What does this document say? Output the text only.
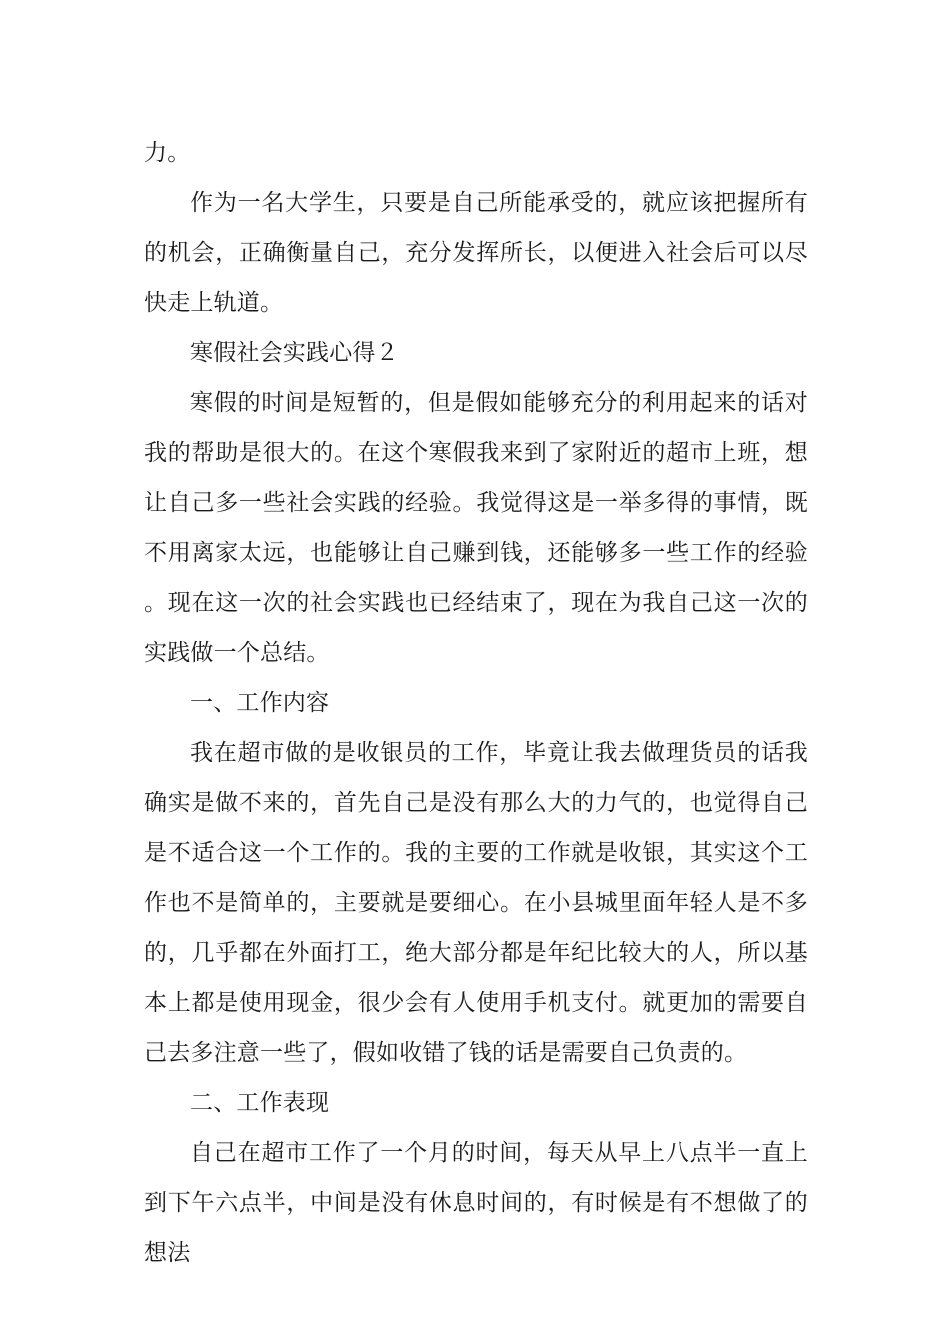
力。

作为一名大学生，只要是自己所能承受的，就应该把握所有的机会，正确衡量自己，充分发挥所长，以便进入社会后可以尽快走上轨道。

寒假社会实践心得２

寒假的时间是短暂的，但是假如能够充分的利用起来的话对我的帮助是很大的。在这个寒假我来到了家附近的超市上班，想让自己多一些社会实践的经验。我觉得这是一举多得的事情，既不用离家太远，也能够让自己赚到钱，还能够多一些工作的经验。现在这一次的社会实践也已经结束了，现在为我自己这一次的实践做一个总结。

一、工作内容

我在超市做的是收银员的工作，毕竟让我去做理货员的话我确实是做不来的，首先自己是没有那么大的力气的，也觉得自己是不适合这一个工作的。我的主要的工作就是收银，其实这个工作也不是简单的，主要就是要细心。在小县城里面年轻人是不多的，几乎都在外面打工，绝大部分都是年纪比较大的人，所以基本上都是使用现金，很少会有人使用手机支付。就更加的需要自己去多注意一些了，假如收错了钱的话是需要自己负责的。

二、工作表现

自己在超市工作了一个月的时间，每天从早上八点半一直上到下午六点半，中间是没有休息时间的，有时候是有不想做了的想法
